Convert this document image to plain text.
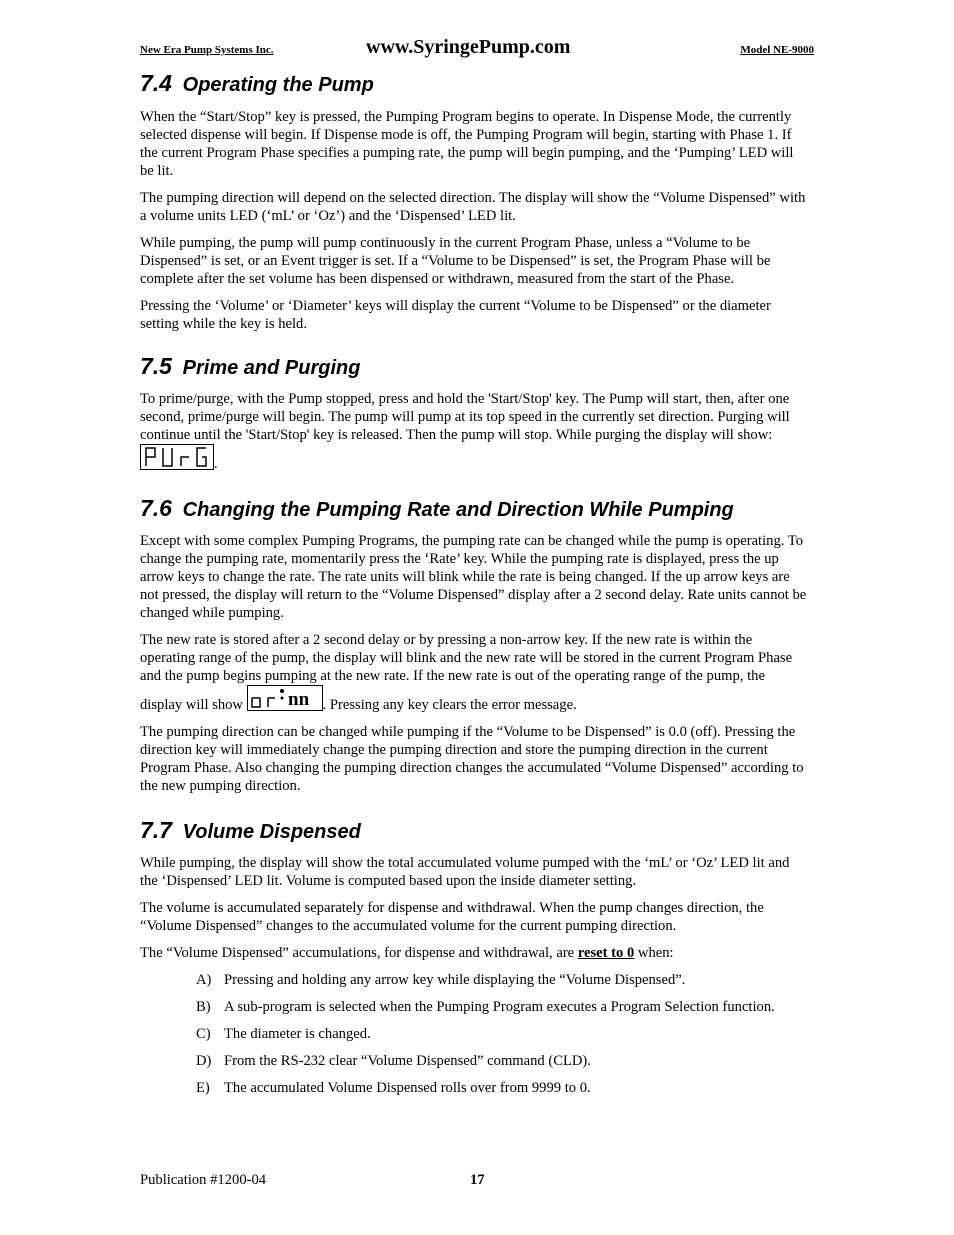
New Era Pump Systems Inc.	www.SyringePump.com	Model NE-9000
7.4 Operating the Pump

When the “Start/Stop” key is pressed, the Pumping Program begins to operate. In Dispense Mode, the currently selected dispense will begin. If Dispense mode is off, the Pumping Program will begin, starting with Phase 1. If the current Program Phase specifies a pumping rate, the pump will begin pumping, and the ‘Pumping’ LED will be lit.

The pumping direction will depend on the selected direction. The display will show the “Volume Dispensed” with a volume units LED (‘mL’ or ‘Oz’) and the ‘Dispensed’ LED lit.

While pumping, the pump will pump continuously in the current Program Phase, unless a “Volume to be Dispensed” is set, or an Event trigger is set. If a “Volume to be Dispensed” is set, the Program Phase will be complete after the set volume has been dispensed or withdrawn, measured from the start of the Phase.

Pressing the ‘Volume’ or ‘Diameter’ keys will display the current “Volume to be Dispensed” or the diameter setting while the key is held.

7.5 Prime and Purging

To prime/purge, with the Pump stopped, press and hold the 'Start/Stop' key. The Pump will start, then, after one second, prime/purge will begin. The pump will pump at its top speed in the currently set direction. Purging will continue until the 'Start/Stop' key is released. Then the pump will stop. While purging the display will show:
.

7.6 Changing the Pumping Rate and Direction While Pumping

Except with some complex Pumping Programs, the pumping rate can be changed while the pump is operating. To change the pumping rate, momentarily press the ‘Rate’ key. While the pumping rate is displayed, press the up arrow keys to change the rate. The rate units will blink while the rate is being changed. If the up arrow keys are not pressed, the display will return to the “Volume Dispensed” display after a 2 second delay. Rate units cannot be changed while pumping.

The new rate is stored after a 2 second delay or by pressing a non-arrow key. If the new rate is within the operating range of the pump, the display will blink and the new rate will be stored in the current Program Phase and the pump begins pumping at the new rate. If the new rate is out of the operating range of the pump, the display will show nn . Pressing any key clears the error message.

The pumping direction can be changed while pumping if the “Volume to be Dispensed” is 0.0 (off). Pressing the direction key will immediately change the pumping direction and store the pumping direction in the current Program Phase. Also changing the pumping direction changes the accumulated “Volume Dispensed” according to the new pumping direction.

7.7 Volume Dispensed

While pumping, the display will show the total accumulated volume pumped with the ‘mL’ or ‘Oz’ LED lit and the ‘Dispensed’ LED lit. Volume is computed based upon the inside diameter setting.

The volume is accumulated separately for dispense and withdrawal. When the pump changes direction, the “Volume Dispensed” changes to the accumulated volume for the current pumping direction.

The “Volume Dispensed” accumulations, for dispense and withdrawal, are reset to 0 when:

A) Pressing and holding any arrow key while displaying the “Volume Dispensed”.
B) A sub-program is selected when the Pumping Program executes a Program Selection function.
C) The diameter is changed.
D) From the RS-232 clear “Volume Dispensed” command (CLD).
E) The accumulated Volume Dispensed rolls over from 9999 to 0.
Publication #1200-04	17
